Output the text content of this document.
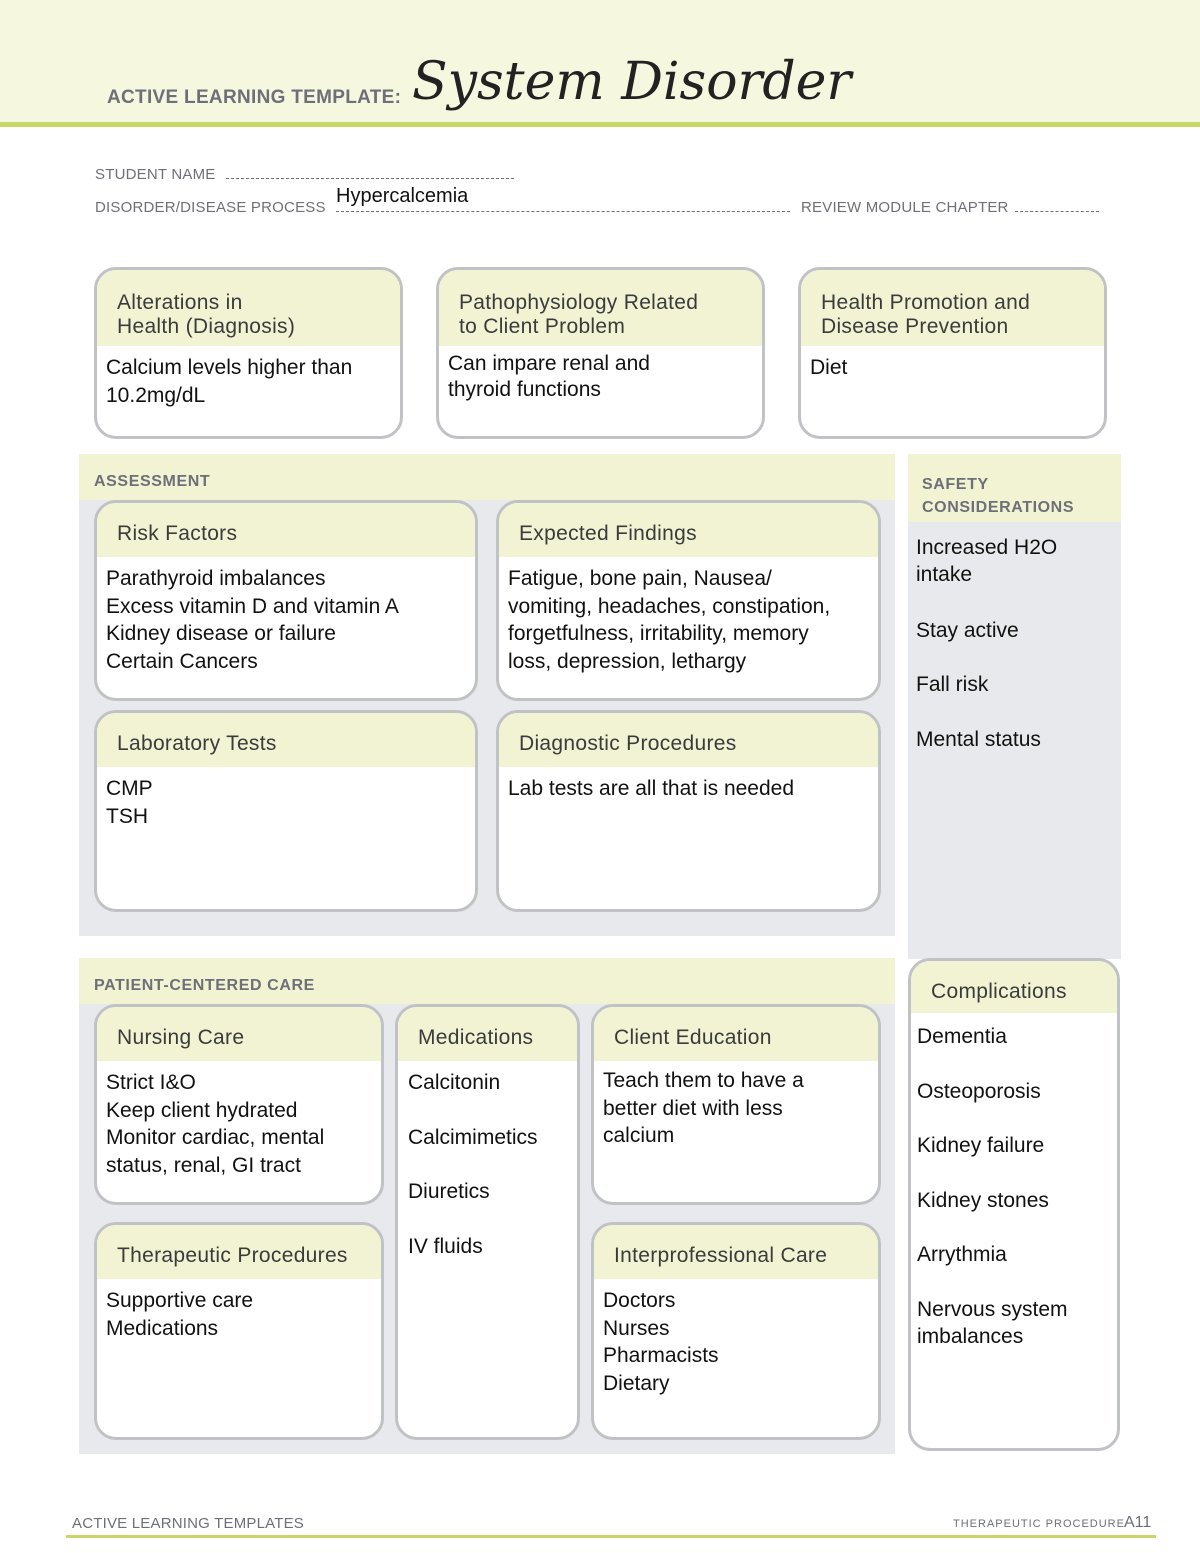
ACTIVE LEARNING TEMPLATE: System Disorder
STUDENT NAME
DISORDER/DISEASE PROCESS
Hypercalcemia
REVIEW MODULE CHAPTER
Alterations in
Health (Diagnosis)
Calcium levels higher than
10.2mg/dL
Pathophysiology Related
to Client Problem
Can impare renal and
thyroid functions
Health Promotion and
Disease Prevention
Diet
ASSESSMENT
Risk Factors
Parathyroid imbalances
Excess vitamin D and vitamin A
Kidney disease or failure
Certain Cancers
Expected Findings
Fatigue, bone pain, Nausea/
vomiting, headaches, constipation,
forgetfulness, irritability, memory
loss, depression, lethargy
Laboratory Tests
CMP
TSH
Diagnostic Procedures
Lab tests are all that is needed
SAFETY
CONSIDERATIONS
Increased H2O
intake
Stay active
Fall risk
Mental status
PATIENT-CENTERED CARE
Nursing Care
Strict I&O
Keep client hydrated
Monitor cardiac, mental
status, renal, GI tract
Medications
Calcitonin
Calcimimetics
Diuretics
IV fluids
Client Education
Teach them to have a
better diet with less
calcium
Therapeutic Procedures
Supportive care
Medications
Interprofessional Care
Doctors
Nurses
Pharmacists
Dietary
Complications
Dementia
Osteoporosis
Kidney failure
Kidney stones
Arrythmia
Nervous system
imbalances
ACTIVE LEARNING TEMPLATES	THERAPEUTIC PROCEDURE A11
